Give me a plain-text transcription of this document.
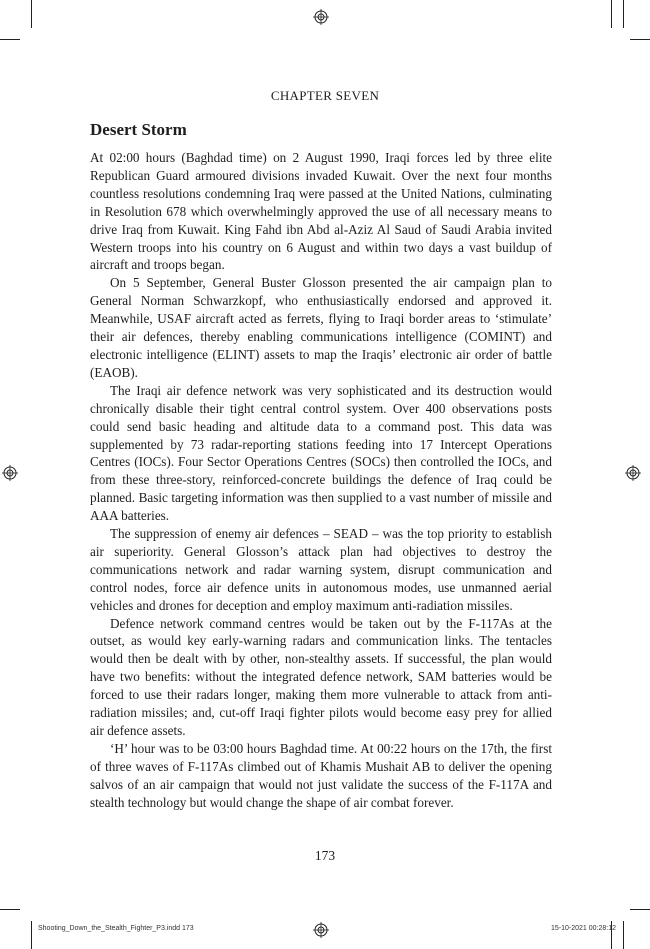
CHAPTER SEVEN
Desert Storm

At 02:00 hours (Baghdad time) on 2 August 1990, Iraqi forces led by three elite Republican Guard armoured divisions invaded Kuwait. Over the next four months countless resolutions condemning Iraq were passed at the United Nations, culminating in Resolution 678 which overwhelmingly approved the use of all necessary means to drive Iraq from Kuwait. King Fahd ibn Abd al-Aziz Al Saud of Saudi Arabia invited Western troops into his country on 6 August and within two days a vast buildup of aircraft and troops began.

On 5 September, General Buster Glosson presented the air campaign plan to General Norman Schwarzkopf, who enthusiastically endorsed and approved it. Meanwhile, USAF aircraft acted as ferrets, flying to Iraqi border areas to ‘stimulate’ their air defences, thereby enabling communications intelligence (COMINT) and electronic intelligence (ELINT) assets to map the Iraqis’ electronic air order of battle (EAOB).

The Iraqi air defence network was very sophisticated and its destruction would chronically disable their tight central control system. Over 400 observations posts could send basic heading and altitude data to a command post. This data was supplemented by 73 radar-reporting stations feeding into 17 Intercept Operations Centres (IOCs). Four Sector Operations Centres (SOCs) then controlled the IOCs, and from these three-story, reinforced-concrete buildings the defence of Iraq could be planned. Basic targeting information was then supplied to a vast number of missile and AAA batteries.

The suppression of enemy air defences – SEAD – was the top priority to establish air superiority. General Glosson’s attack plan had objectives to destroy the communications network and radar warning system, disrupt communication and control nodes, force air defence units in autonomous modes, use unmanned aerial vehicles and drones for deception and employ maximum anti-radiation missiles.

Defence network command centres would be taken out by the F-117As at the outset, as would key early-warning radars and communication links. The tentacles would then be dealt with by other, non-stealthy assets. If successful, the plan would have two benefits: without the integrated defence network, SAM batteries would be forced to use their radars longer, making them more vulnerable to attack from anti-radiation missiles; and, cut-off Iraqi fighter pilots would become easy prey for allied air defence assets.

‘H’ hour was to be 03:00 hours Baghdad time. At 00:22 hours on the 17th, the first of three waves of F-117As climbed out of Khamis Mushait AB to deliver the opening salvos of an air campaign that would not just validate the success of the F-117A and stealth technology but would change the shape of air combat forever.

173
Shooting_Down_the_Stealth_Fighter_P3.indd 173	15-10-2021 00:28:12
